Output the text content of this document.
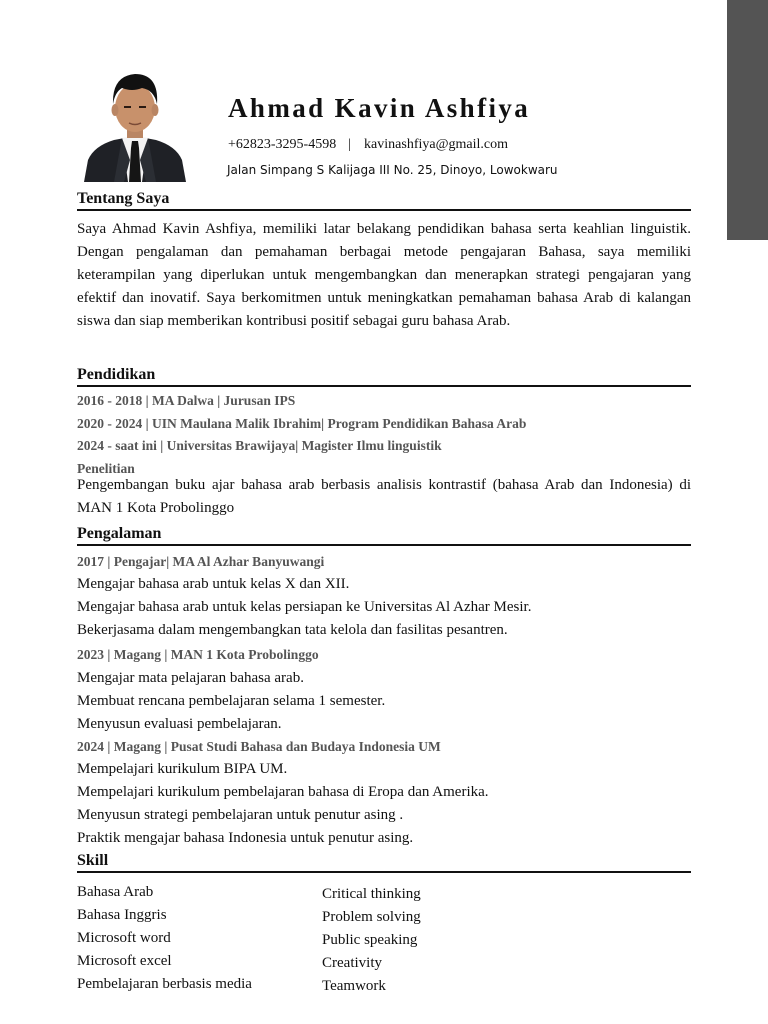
Ahmad Kavin Ashfiya
+62823-3295-4598 | kavinashfiya@gmail.com
Jalan Simpang S Kalijaga III No. 25, Dinoyo, Lowokwaru
Tentang Saya
Saya Ahmad Kavin Ashfiya, memiliki latar belakang pendidikan bahasa serta keahlian linguistik. Dengan pengalaman dan pemahaman berbagai metode pengajaran Bahasa, saya memiliki keterampilan yang diperlukan untuk mengembangkan dan menerapkan strategi pengajaran yang efektif dan inovatif. Saya berkomitmen untuk meningkatkan pemahaman bahasa Arab di kalangan siswa dan siap memberikan kontribusi positif sebagai guru bahasa Arab.
Pendidikan
2016 - 2018 | MA Dalwa | Jurusan IPS
2020 - 2024 | UIN Maulana Malik Ibrahim| Program Pendidikan Bahasa Arab
2024 - saat ini | Universitas Brawijaya| Magister Ilmu linguistik
Penelitian
Pengembangan buku ajar bahasa arab berbasis analisis kontrastif (bahasa Arab dan Indonesia) di MAN 1 Kota Probolinggo
Pengalaman
2017 | Pengajar| MA Al Azhar Banyuwangi
Mengajar bahasa arab untuk kelas X dan XII.
Mengajar bahasa arab untuk kelas persiapan ke Universitas Al Azhar Mesir.
Bekerjasama dalam mengembangkan tata kelola dan fasilitas pesantren.
2023 | Magang | MAN 1 Kota Probolinggo
Mengajar mata pelajaran bahasa arab.
Membuat rencana pembelajaran selama 1 semester.
Menyusun evaluasi pembelajaran.
2024 | Magang | Pusat Studi Bahasa dan Budaya Indonesia UM
Mempelajari kurikulum BIPA UM.
Mempelajari kurikulum pembelajaran bahasa di Eropa dan Amerika.
Menyusun strategi pembelajaran untuk penutur asing .
Praktik mengajar bahasa Indonesia untuk penutur asing.
Skill
Bahasa Arab
Bahasa Inggris
Microsoft word
Microsoft excel
Pembelajaran berbasis media
Critical thinking
Problem solving
Public speaking
Creativity
Teamwork
